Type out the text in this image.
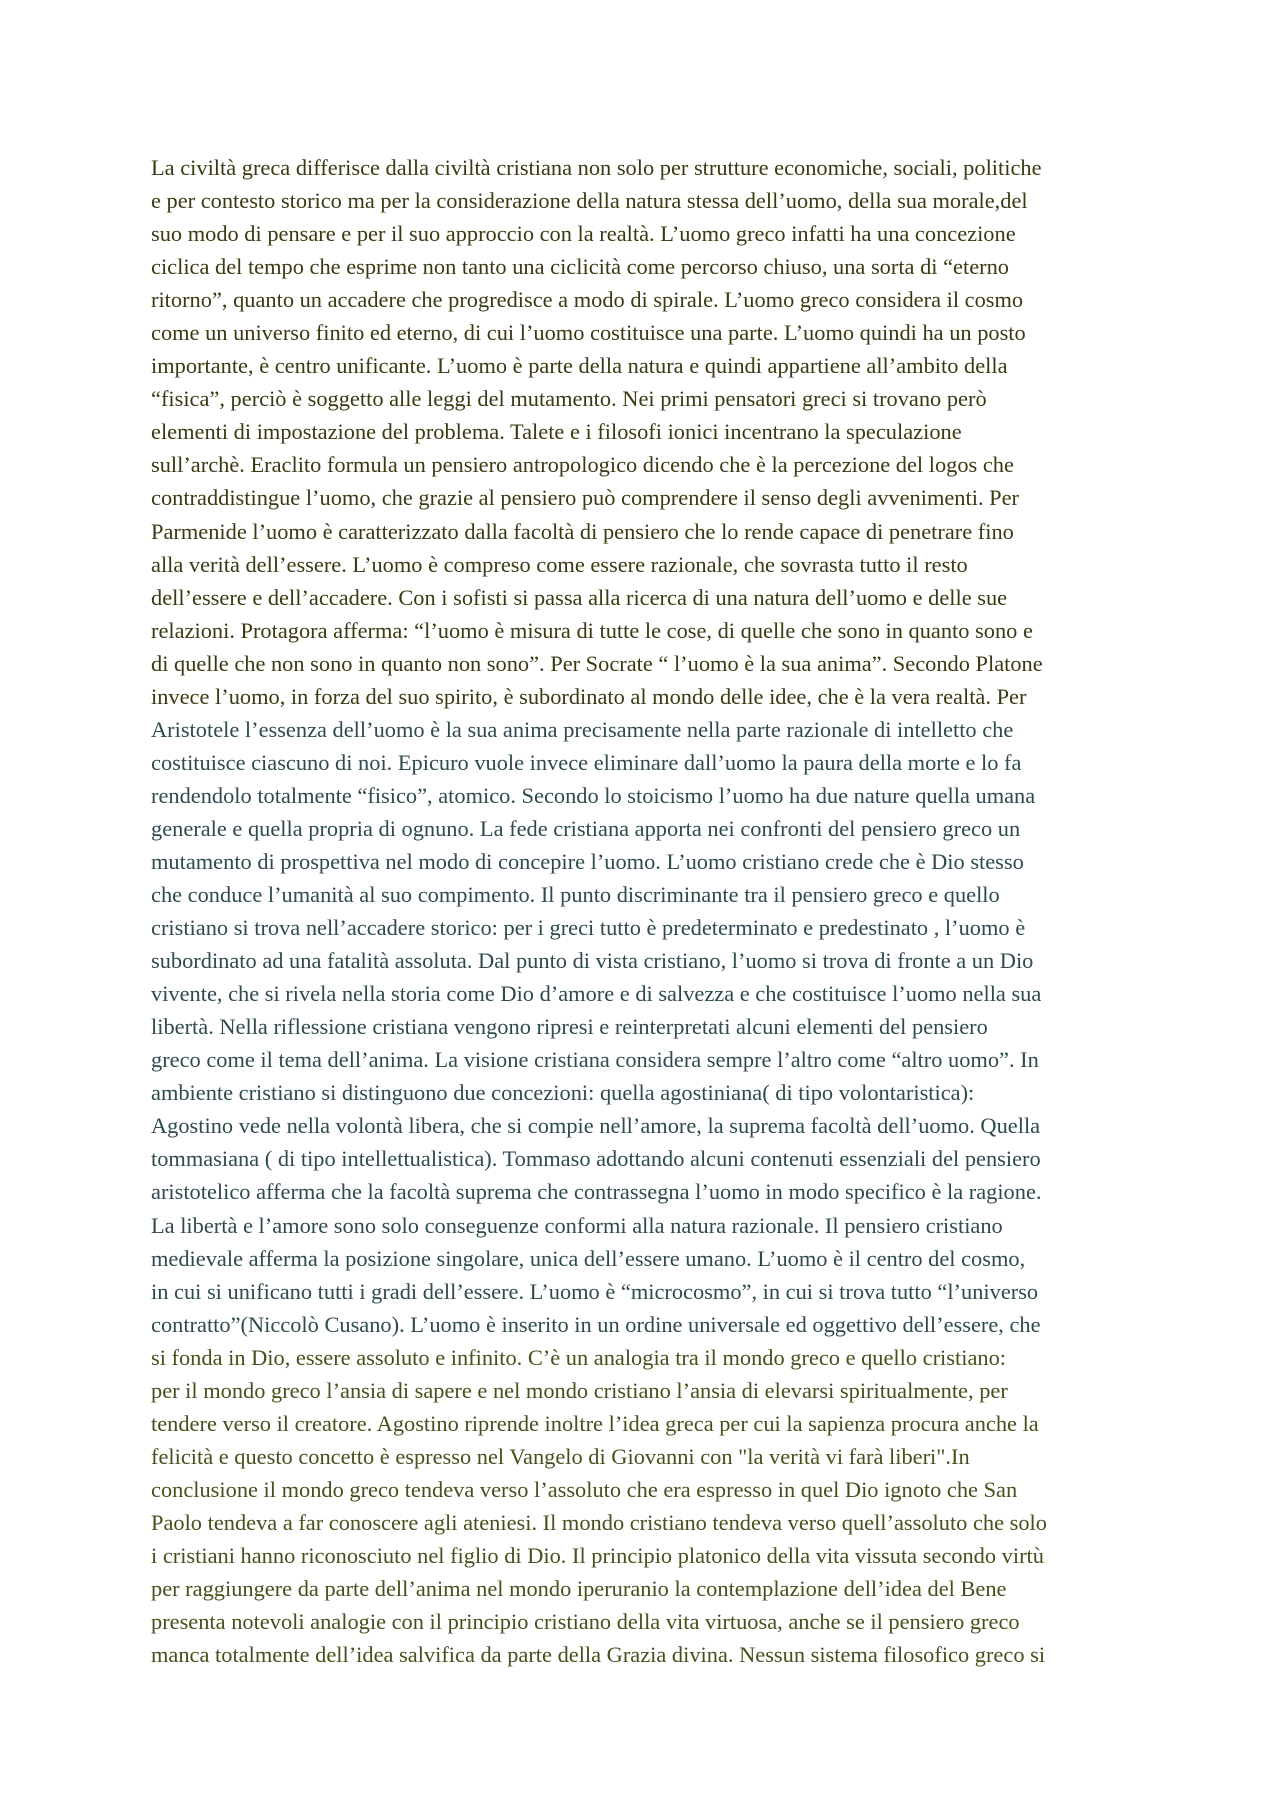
La civiltà greca differisce dalla civiltà cristiana non solo per strutture economiche, sociali, politiche
e per contesto storico ma per la considerazione della natura stessa dell’uomo, della sua morale,del
suo modo di pensare e per il suo approccio con la realtà. L’uomo greco infatti ha una concezione
ciclica del tempo che esprime non tanto una ciclicità come percorso chiuso, una sorta di “eterno
ritorno”, quanto un accadere che progredisce a modo di spirale. L’uomo greco considera il cosmo
come un universo finito ed eterno, di cui l’uomo costituisce una parte. L’uomo quindi ha un posto
importante, è centro unificante. L’uomo è parte della natura e quindi appartiene all’ambito della
“fisica”, perciò è soggetto alle leggi del mutamento. Nei primi pensatori greci si trovano però
elementi di impostazione del problema. Talete e i filosofi ionici incentrano la speculazione
sull’archè. Eraclito formula un pensiero antropologico dicendo che è la percezione del logos che
contraddistingue l’uomo, che grazie al pensiero può comprendere il senso degli avvenimenti. Per
Parmenide l’uomo è caratterizzato dalla facoltà di pensiero che lo rende capace di penetrare fino
alla verità dell’essere. L’uomo è compreso come essere razionale, che sovrasta tutto il resto
dell’essere e dell’accadere. Con i sofisti si passa alla ricerca di una natura dell’uomo e delle sue
relazioni. Protagora afferma: “l’uomo è misura di tutte le cose, di quelle che sono in quanto sono e
di quelle che non sono in quanto non sono”. Per Socrate “ l’uomo è la sua anima”. Secondo Platone
invece l’uomo, in forza del suo spirito, è subordinato al mondo delle idee, che è la vera realtà. Per
Aristotele l’essenza dell’uomo è la sua anima precisamente nella parte razionale di intelletto che
costituisce ciascuno di noi. Epicuro vuole invece eliminare dall’uomo la paura della morte e lo fa
rendendolo totalmente “fisico”, atomico. Secondo lo stoicismo l’uomo ha due nature quella umana
generale e quella propria di ognuno. La fede cristiana apporta nei confronti del pensiero greco un
mutamento di prospettiva nel modo di concepire l’uomo. L’uomo cristiano crede che è Dio stesso
che conduce l’umanità al suo compimento. Il punto discriminante tra il pensiero greco e quello
cristiano si trova nell’accadere storico: per i greci tutto è predeterminato e predestinato , l’uomo è
subordinato ad una fatalità assoluta. Dal punto di vista cristiano, l’uomo si trova di fronte a un Dio
vivente, che si rivela nella storia come Dio d’amore e di salvezza e che costituisce l’uomo nella sua
libertà. Nella riflessione cristiana vengono ripresi e reinterpretati alcuni elementi del pensiero
greco come il tema dell’anima. La visione cristiana considera sempre l’altro come “altro uomo”. In
ambiente cristiano si distinguono due concezioni: quella agostiniana( di tipo volontaristica):
Agostino vede nella volontà libera, che si compie nell’amore, la suprema facoltà dell’uomo. Quella
tommasiana ( di tipo intellettualistica). Tommaso adottando alcuni contenuti essenziali del pensiero
aristotelico afferma che la facoltà suprema che contrassegna l’uomo in modo specifico è la ragione.
La libertà e l’amore sono solo conseguenze conformi alla natura razionale. Il pensiero cristiano
medievale afferma la posizione singolare, unica dell’essere umano. L’uomo è il centro del cosmo,
in cui si unificano tutti i gradi dell’essere. L’uomo è “microcosmo”, in cui si trova tutto “l’universo
contratto”(Niccolò Cusano). L’uomo è inserito in un ordine universale ed oggettivo dell’essere, che
si fonda in Dio, essere assoluto e infinito. C’è un analogia tra il mondo greco e quello cristiano:
per il mondo greco l’ansia di sapere e nel mondo cristiano l’ansia di elevarsi spiritualmente, per
tendere verso il creatore. Agostino riprende inoltre l’idea greca per cui la sapienza procura anche la
felicità e questo concetto è espresso nel Vangelo di Giovanni con "la verità vi farà liberi".In
conclusione il mondo greco tendeva verso l’assoluto che era espresso in quel Dio ignoto che San
Paolo tendeva a far conoscere agli ateniesi. Il mondo cristiano tendeva verso quell’assoluto che solo
i cristiani hanno riconosciuto nel figlio di Dio. Il principio platonico della vita vissuta secondo virtù
per raggiungere da parte dell’anima nel mondo iperuranio la contemplazione dell’idea del Bene
presenta notevoli analogie con il principio cristiano della vita virtuosa, anche se il pensiero greco
manca totalmente dell’idea salvifica da parte della Grazia divina. Nessun sistema filosofico greco si
